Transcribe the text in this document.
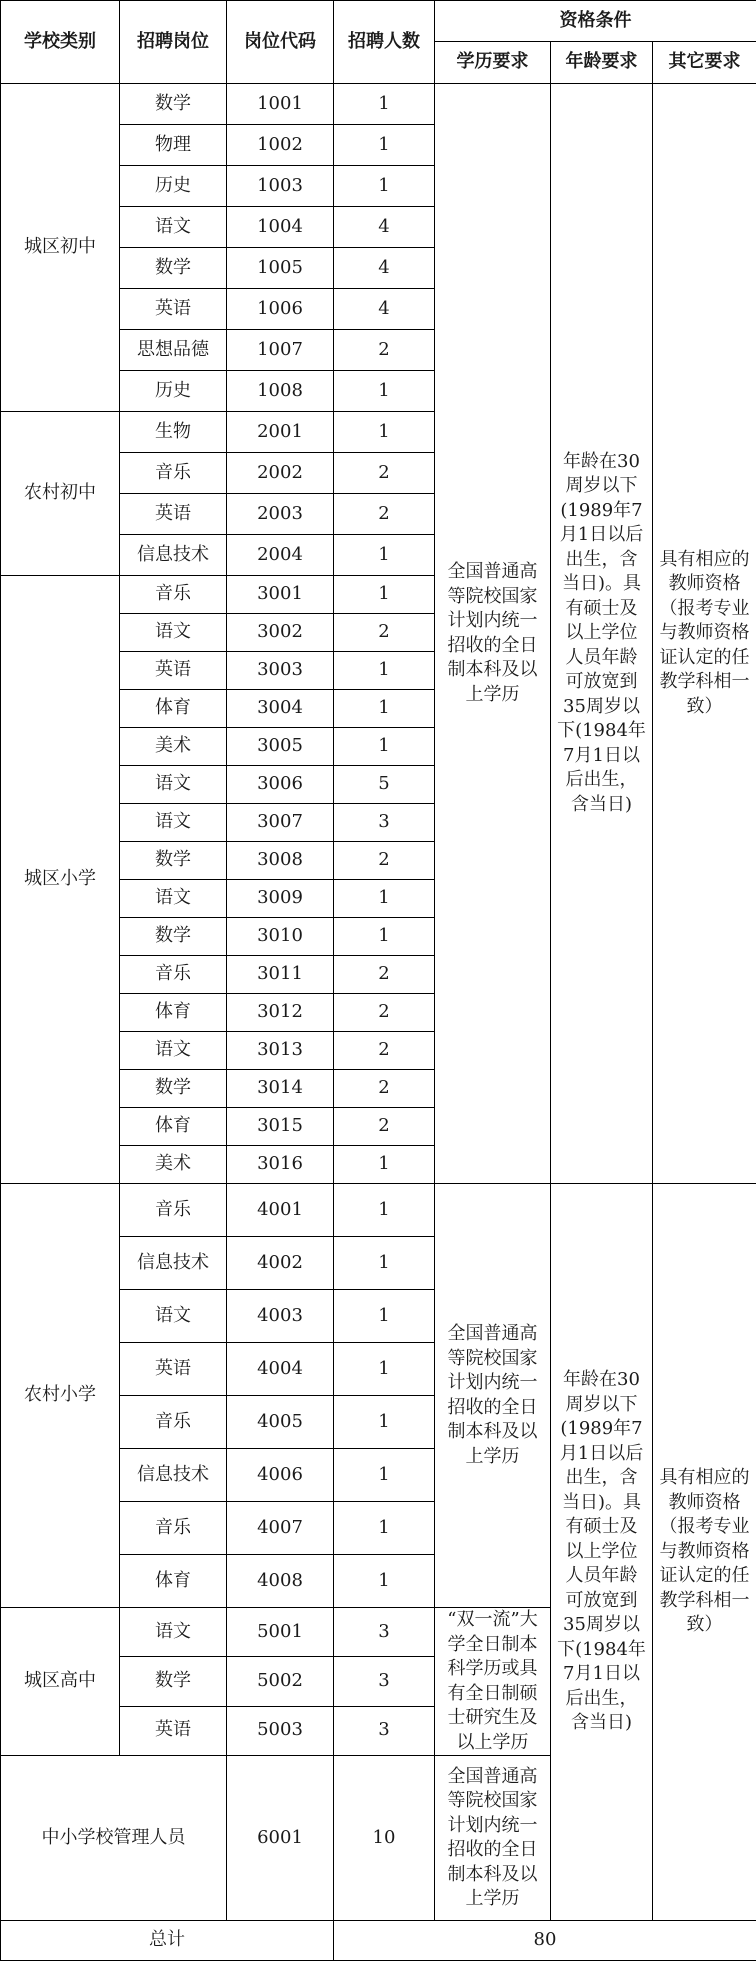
学校类别	招聘岗位	岗位代码	招聘人数	资格条件		
				学历要求	年龄要求	其它要求
城区初中	数学	1001	1	全国普通高等院校国家计划内统一招收的全日制本科及以上学历	年龄在30周岁以下(1989年7月1日以后出生，含当日)。具有硕士及以上学位人员年龄可放宽到35周岁以下(1984年7月1日以后出生，含当日)	具有相应的教师资格（报考专业与教师资格证认定的任教学科相一致）
	物理	1002	1			
	历史	1003	1			
	语文	1004	4			
	数学	1005	4			
	英语	1006	4			
	思想品德	1007	2			
	历史	1008	1			
农村初中	生物	2001	1			
	音乐	2002	2			
	英语	2003	2			
	信息技术	2004	1			
城区小学	音乐	3001	1			
	语文	3002	2			
	英语	3003	1			
	体育	3004	1			
	美术	3005	1			
	语文	3006	5			
	语文	3007	3			
	数学	3008	2			
	语文	3009	1			
	数学	3010	1			
	音乐	3011	2			
	体育	3012	2			
	语文	3013	2			
	数学	3014	2			
	体育	3015	2			
	美术	3016	1			
农村小学	音乐	4001	1	全国普通高等院校国家计划内统一招收的全日制本科及以上学历	年龄在30周岁以下(1989年7月1日以后出生，含当日)。具有硕士及以上学位人员年龄可放宽到35周岁以下(1984年7月1日以后出生，含当日)	具有相应的教师资格（报考专业与教师资格证认定的任教学科相一致）
	信息技术	4002	1			
	语文	4003	1			
	英语	4004	1			
	音乐	4005	1			
	信息技术	4006	1			
	音乐	4007	1			
	体育	4008	1			
城区高中	语文	5001	3	“双一流”大学全日制本科学历或具有全日制硕士研究生及以上学历		
	数学	5002	3			
	英语	5003	3			
中小学校管理人员		6001	10	全国普通高等院校国家计划内统一招收的全日制本科及以上学历		
总计			80			
